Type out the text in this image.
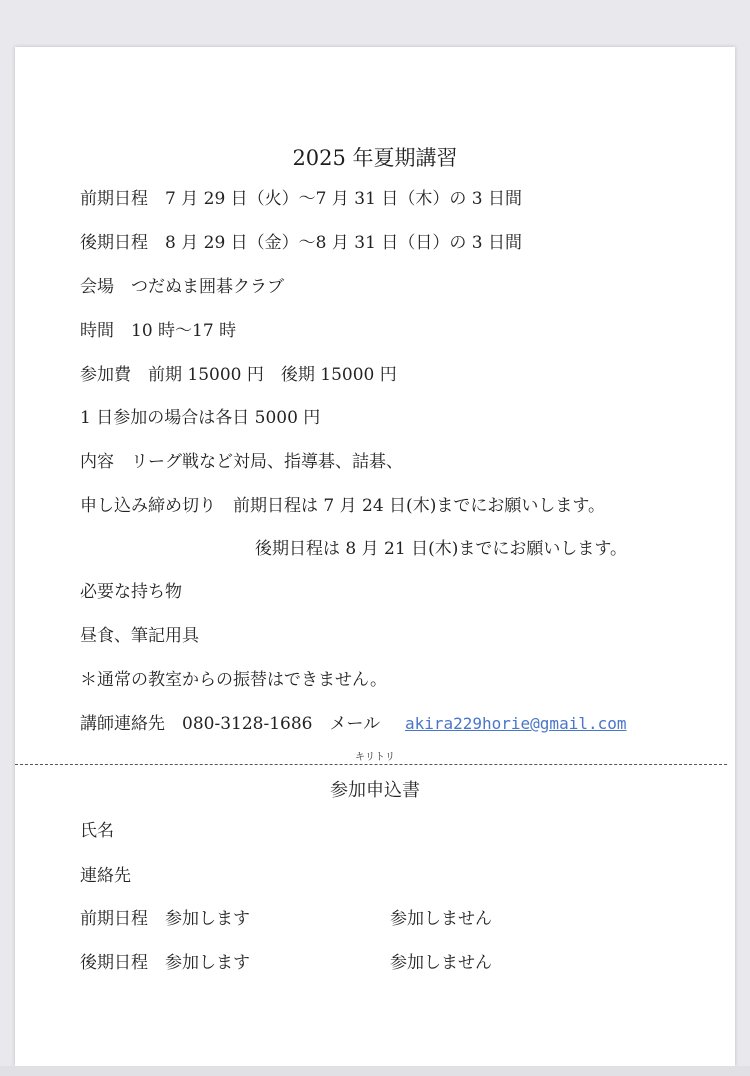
2025 年夏期講習
前期日程　7 月 29 日（火）～7 月 31 日（木）の 3 日間
後期日程　8 月 29 日（金）～8 月 31 日（日）の 3 日間
会場　つだぬま囲碁クラブ
時間　10 時～17 時
参加費　前期 15000 円　後期 15000 円
1 日参加の場合は各日 5000 円
内容　リーグ戦など対局、指導碁、詰碁、
申し込み締め切り　前期日程は 7 月 24 日(木)までにお願いします。
後期日程は 8 月 21 日(木)までにお願いします。
必要な持ち物
昼食、筆記用具
＊通常の教室からの振替はできません。
講師連絡先　080-3128-1686　メール akira229horie@gmail.com
キリトリ
参加申込書
氏名
連絡先
前期日程　参加します	参加しません
後期日程　参加します	参加しません
